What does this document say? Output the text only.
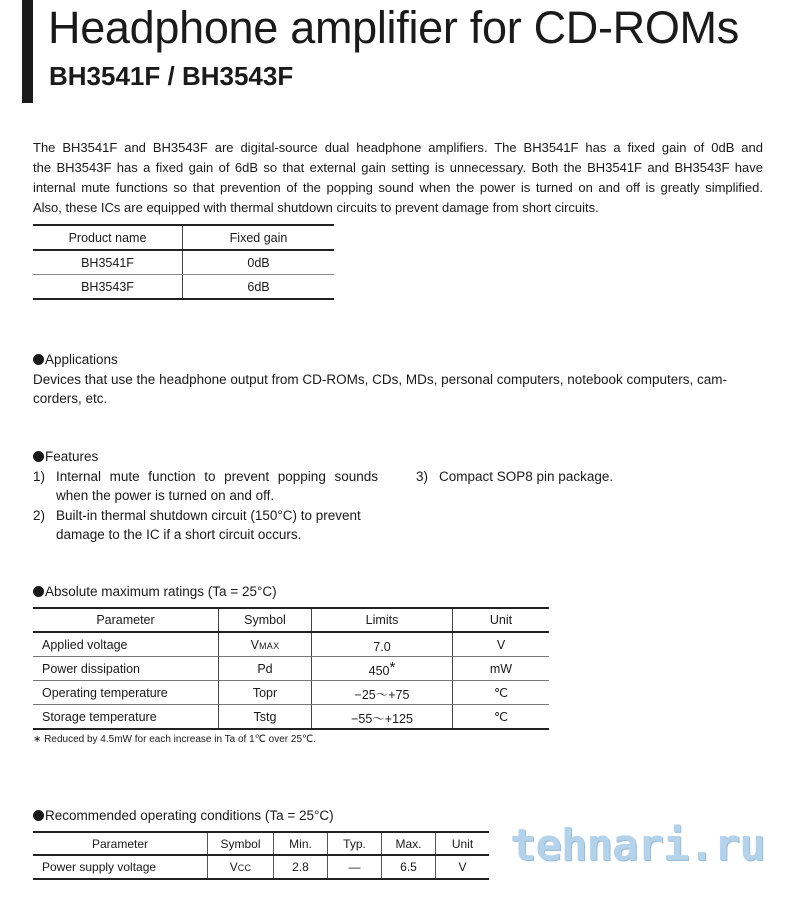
Headphone amplifier for CD-ROMs
BH3541F / BH3543F
The BH3541F and BH3543F are digital-source dual headphone amplifiers. The BH3541F has a fixed gain of 0dB and
the BH3543F has a fixed gain of 6dB so that external gain setting is unnecessary. Both the BH3541F and BH3543F have
internal mute functions so that prevention of the popping sound when the power is turned on and off is greatly simplified.
Also, these ICs are equipped with thermal shutdown circuits to prevent damage from short circuits.
Product name	Fixed gain
BH3541F	0dB
BH3543F	6dB
Applications
Devices that use the headphone output from CD-ROMs, CDs, MDs, personal computers, notebook computers, cam-
corders, etc.
Features
1) Internal mute function to prevent popping sounds
when the power is turned on and off.
2) Built-in thermal shutdown circuit (150°C) to prevent
damage to the IC if a short circuit occurs.
3) Compact SOP8 pin package.
Absolute maximum ratings (Ta = 25°C)
Parameter	Symbol	Limits	Unit
Applied voltage	VMAX	7.0	V
Power dissipation	Pd	450*	mW
Operating temperature	Topr	−25～+75	℃
Storage temperature	Tstg	−55～+125	℃
∗ Reduced by 4.5mW for each increase in Ta of 1℃ over 25℃.
Recommended operating conditions (Ta = 25°C)
Parameter	Symbol	Min.	Typ.	Max.	Unit
Power supply voltage	VCC	2.8	—	6.5	V tehnari.ru
